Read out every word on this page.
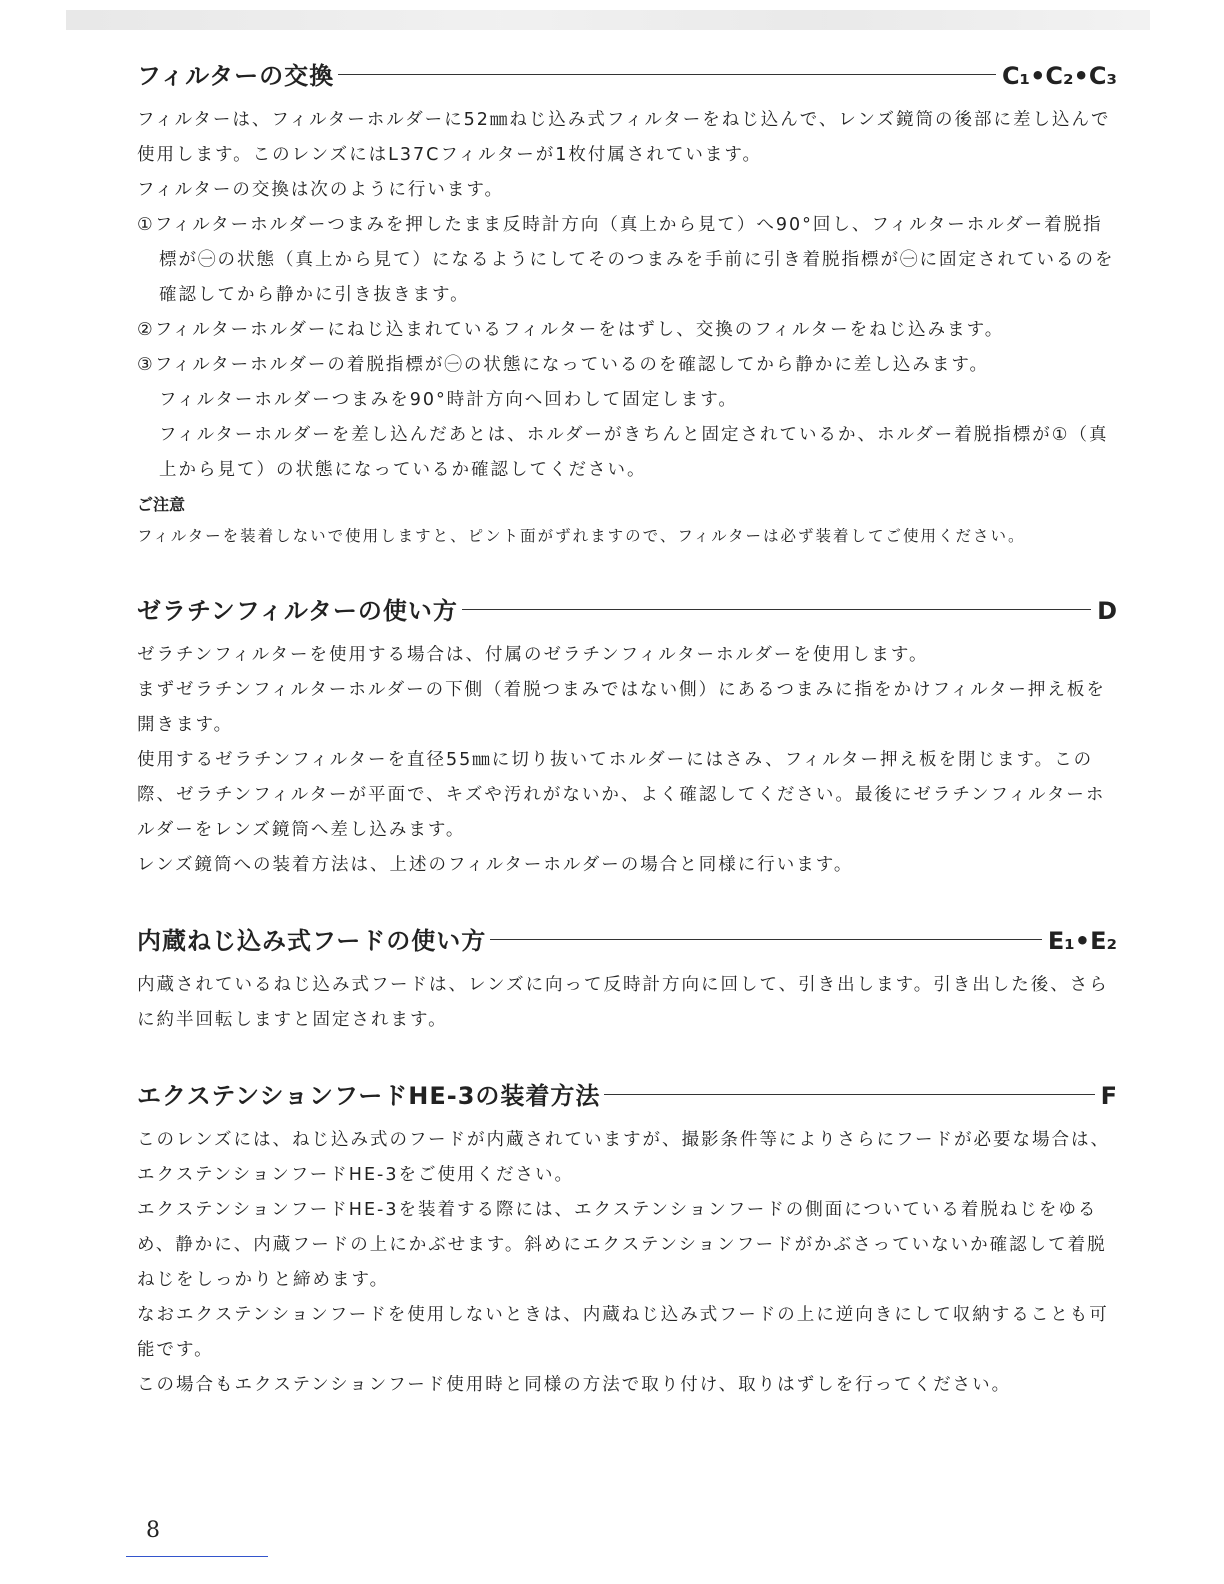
フィルターの交換	C₁•C₂•C₃

フィルターは、フィルターホルダーに52㎜ねじ込み式フィルターをねじ込んで、レンズ鏡筒の後部に差し込んで使用します。このレンズにはL37Cフィルターが1枚付属されています。

フィルターの交換は次のように行います。

①フィルターホルダーつまみを押したまま反時計方向（真上から見て）へ90°回し、フィルターホルダー着脱指標が㊀の状態（真上から見て）になるようにしてそのつまみを手前に引き着脱指標が㊀に固定されているのを確認してから静かに引き抜きます。

②フィルターホルダーにねじ込まれているフィルターをはずし、交換のフィルターをねじ込みます。

③フィルターホルダーの着脱指標が㊀の状態になっているのを確認してから静かに差し込みます。

フィルターホルダーつまみを90°時計方向へ回わして固定します。

フィルターホルダーを差し込んだあとは、ホルダーがきちんと固定されているか、ホルダー着脱指標が①（真上から見て）の状態になっているか確認してください。

ご注意
フィルターを装着しないで使用しますと、ピント面がずれますので、フィルターは必ず装着してご使用ください。
ゼラチンフィルターの使い方	D

ゼラチンフィルターを使用する場合は、付属のゼラチンフィルターホルダーを使用します。

まずゼラチンフィルターホルダーの下側（着脱つまみではない側）にあるつまみに指をかけフィルター押え板を開きます。

使用するゼラチンフィルターを直径55㎜に切り抜いてホルダーにはさみ、フィルター押え板を閉じます。この際、ゼラチンフィルターが平面で、キズや汚れがないか、よく確認してください。最後にゼラチンフィルターホルダーをレンズ鏡筒へ差し込みます。

レンズ鏡筒への装着方法は、上述のフィルターホルダーの場合と同様に行います。

内蔵ねじ込み式フードの使い方	E₁•E₂

内蔵されているねじ込み式フードは、レンズに向って反時計方向に回して、引き出します。引き出した後、さらに約半回転しますと固定されます。

エクステンションフードHE-3の装着方法	F

このレンズには、ねじ込み式のフードが内蔵されていますが、撮影条件等によりさらにフードが必要な場合は、エクステンションフードHE-3をご使用ください。

エクステンションフードHE-3を装着する際には、エクステンションフードの側面についている着脱ねじをゆるめ、静かに、内蔵フードの上にかぶせます。斜めにエクステンションフードがかぶさっていないか確認して着脱ねじをしっかりと締めます。

なおエクステンションフードを使用しないときは、内蔵ねじ込み式フードの上に逆向きにして収納することも可能です。

この場合もエクステンションフード使用時と同様の方法で取り付け、取りはずしを行ってください。

8
